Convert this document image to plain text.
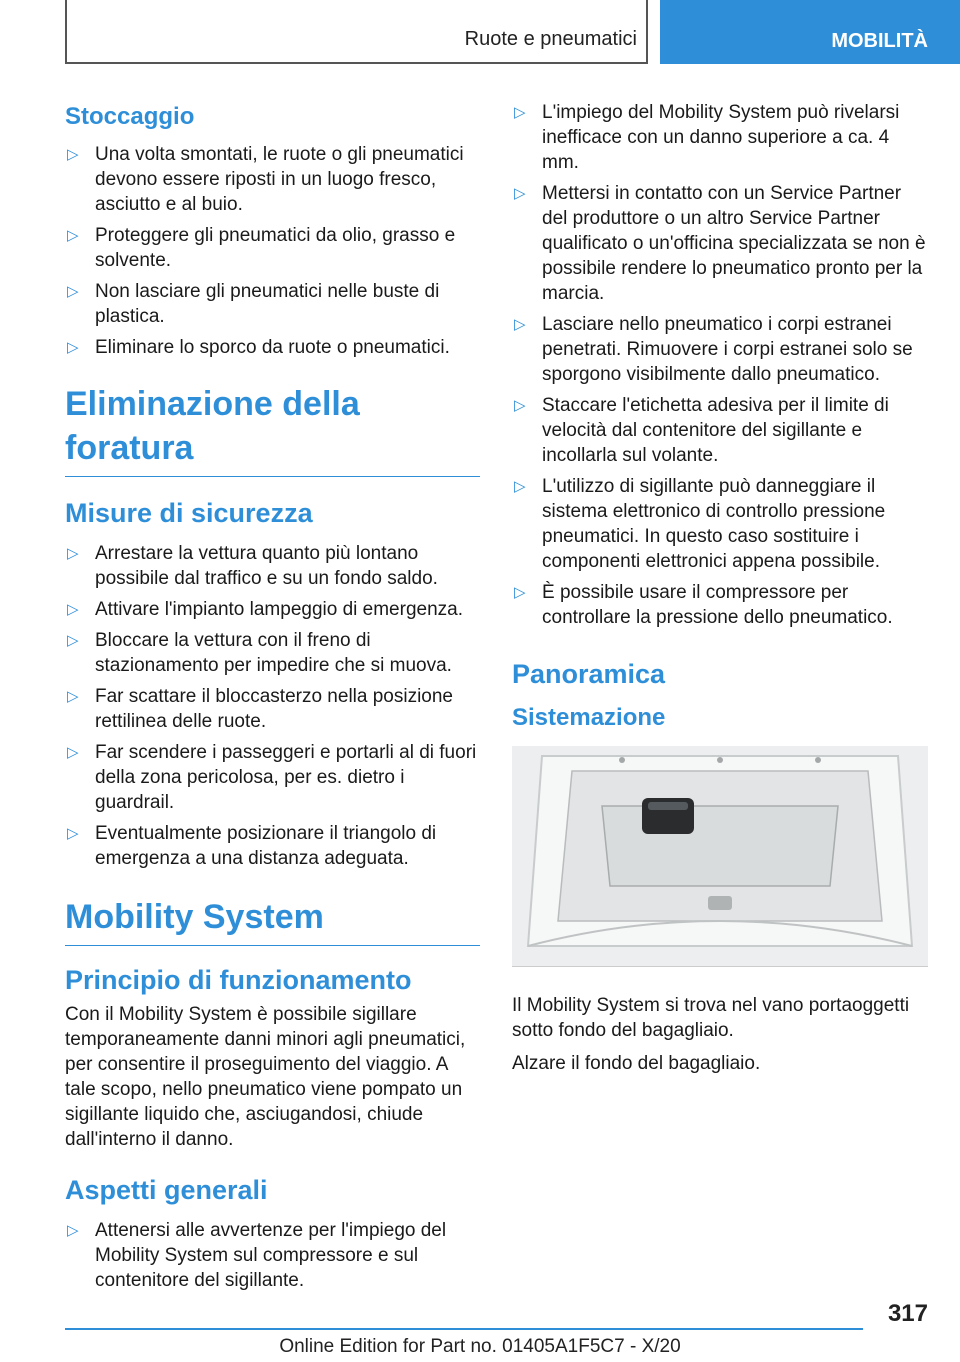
Ruote e pneumatici	MOBILITÀ
Stoccaggio
▷ Una volta smontati, le ruote o gli pneumatici devono essere riposti in un luogo fresco, asciutto e al buio.
▷ Proteggere gli pneumatici da olio, grasso e solvente.
▷ Non lasciare gli pneumatici nelle buste di plastica.
▷ Eliminare lo sporco da ruote o pneumatici.
Eliminazione della foratura
Misure di sicurezza
▷ Arrestare la vettura quanto più lontano possibile dal traffico e su un fondo saldo.
▷ Attivare l'impianto lampeggio di emergenza.
▷ Bloccare la vettura con il freno di stazionamento per impedire che si muova.
▷ Far scattare il bloccasterzo nella posizione rettilinea delle ruote.
▷ Far scendere i passeggeri e portarli al di fuori della zona pericolosa, per es. dietro i guardrail.
▷ Eventualmente posizionare il triangolo di emergenza a una distanza adeguata.
Mobility System
Principio di funzionamento

Con il Mobility System è possibile sigillare temporaneamente danni minori agli pneumatici, per consentire il proseguimento del viaggio. A tale scopo, nello pneumatico viene pompato un sigillante liquido che, asciugandosi, chiude dall'interno il danno.

Aspetti generali
▷ Attenersi alle avvertenze per l'impiego del Mobility System sul compressore e sul contenitore del sigillante.
▷ L'impiego del Mobility System può rivelarsi inefficace con un danno superiore a ca. 4 mm.
▷ Mettersi in contatto con un Service Partner del produttore o un altro Service Partner qualificato o un'officina specializzata se non è possibile rendere lo pneumatico pronto per la marcia.
▷ Lasciare nello pneumatico i corpi estranei penetrati. Rimuovere i corpi estranei solo se sporgono visibilmente dallo pneumatico.
▷ Staccare l'etichetta adesiva per il limite di velocità dal contenitore del sigillante e incollarla sul volante.
▷ L'utilizzo di sigillante può danneggiare il sistema elettronico di controllo pressione pneumatici. In questo caso sostituire i componenti elettronici appena possibile.
▷ È possibile usare il compressore per controllare la pressione dello pneumatico.
Panoramica
Sistemazione

Il Mobility System si trova nel vano portaoggetti sotto fondo del bagagliaio.

Alzare il fondo del bagagliaio.

317
Online Edition for Part no. 01405A1F5C7 - X/20
